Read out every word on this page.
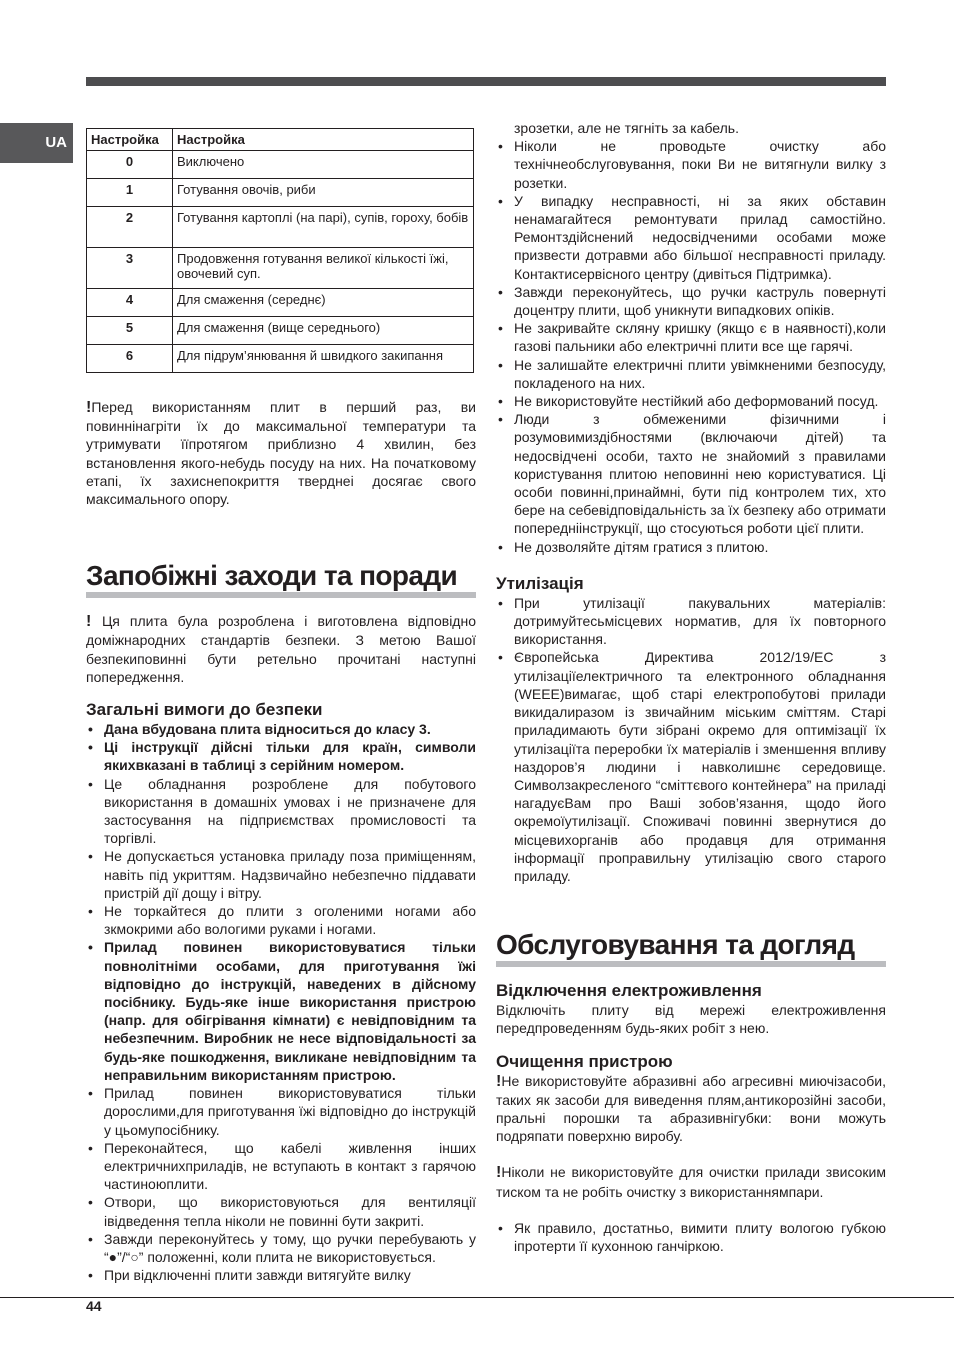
UA	Настройка	Настройка
0	Виключено
1	Готування овочів, риби
2	Готування картоплі (на парі), супів, гороху, бобів
3	Продовження готування великої кількості їжі, овочевий суп.
4	Для смаження (середнє)
5	Для смаження (вище середнього)
6	Для підрум’янювання й швидкого закипання

!Перед використанням плит в перший раз, ви повиннінагріти їх до максимальної температури та утримувати їїпротягом приблизно 4 хвилин, без встановлення якого-небудь посуду на них. На початковому етапі, їх захиснепокриття тверднеі досягає свого максимального опору.

Запобіжні заходи та поради

! Ця плита була розроблена і виготовлена відповідно доміжнародних стандартів безпеки. З метою Вашої безпекиповинні бути ретельно прочитані наступні попередження.

Загальні вимоги до безпеки
• Дана вбудована плита відноситься до класу 3.
• Ці інструкції дійсні тільки для країн, символи якихвказані в таблиці з серійним номером.
• Це обладнання розроблене для побутового використання в домашніх умовах і не призначене для застосування на підприємствах промисловості та торгівлі.
• Не допускається установка приладу поза приміщенням, навіть під укриттям. Надзвичайно небезпечно піддавати пристрій дії дощу і вітру.
• Не торкайтеся до плити з оголеними ногами або зкмокрими або вологими руками і ногами.
• Прилад повинен використовуватися тільки повнолітніми особами, для приготування їжі відповідно до інструкцій, наведених в дійсному посібнику. Будь-яке інше використання пристрою (напр. для обігрівання кімнати) є невідповідним та небезпечним. Виробник не несе відповідальності за будь-яке пошкодження, викликане невідповідним та неправильним використанням пристрою.
• Прилад повинен використовуватися тільки дорослими,для приготування їжі відповідно до інструкцій у цьомупосібнику.
• Переконайтеся, що кабелі живлення інших електричнихприладів, не вступають в контакт з гарячою частиноюплити.
• Отвори, що використовуються для вентиляції івідведення тепла ніколи не повинні бути закриті.
• Завжди переконуйтесь у тому, що ручки перебувають у “●”/“○” положенні, коли плита не використовується.
• При відключенні плити завжди витягуйте вилку

зрозетки, але не тягніть за кабель.

• Ніколи не проводьте очистку або технічнеобслуговування, поки Ви не витягнули вилку з розетки.
• У випадку несправності, ні за яких обставин ненамагайтеся ремонтувати прилад самостійно. Ремонтздійснений недосвідченими особами може призвести дотравми або більшої несправності приладу. Контактисервісного центру (дивіться Підтримка).
• Завжди переконуйтесь, що ручки каструль повернуті доцентру плити, щоб уникнути випадкових опіків.
• Не закривайте скляну кришку (якщо є в наявності),коли газові пальники або електричні плити все ще гарячі.
• Не залишайте електричні плити увімкненими безпосуду, покладеного на них.
• Не використовуйте нестійкий або деформований посуд.
• Люди з обмеженими фізичними і розумовимиздібностями (включаючи дітей) та недосвідчені особи, тахто не знайомий з правилами користування плитою неповинні нею користуватися. Ці особи повинні,принаймні, бути під контролем тих, хто бере на себевідповідальність за їх безпеку або отримати попередніінструкції, що стосуються роботи цієї плити.
• Не дозволяйте дітям гратися з плитою.
Утилізація
• При утилізації пакувальних матеріалів: дотримуйтесьмісцевих норматив, для їх повторного використання.
• Європейська Директива 2012/19/EC з утилізаціїелектричного та електронного обладнання (WEEE)вимагає, щоб старі електропобутові прилади викидалиразом із звичайним міським сміттям. Старі приладимають бути зібрані окремо для оптимізації їх утилізаціїта переробки їх матеріалів і зменшення впливу наздоров’я людини і навколишнє середовище. Символзакресленого “сміттєвого контейнера” на приладі нагадуєВам про Ваші зобов’язання, щодо його окремоїутилізації. Споживачі повинні звернутися до місцевихорганів або продавця для отримання інформації проправильну утилізацію свого старого приладу.
Обслуговування та догляд
Відключення електроживлення

Відключіть плиту від мережі електроживлення передпроведенням будь-яких робіт з нею.

Очищення пристрою

!Не використовуйте абразивні або агресивні миючізасоби, таких як засоби для виведення плям,антикорозійні засоби, пральні порошки та абразивнігубки: вони можуть подряпати поверхню виробу.

!Ніколи не використовуйте для очистки прилади звисоким тиском та не робіть очистку з використаннямпари.

• Як правило, достатньо, вимити плиту вологою губкою іпротерти її кухонною ганчіркою.
44
